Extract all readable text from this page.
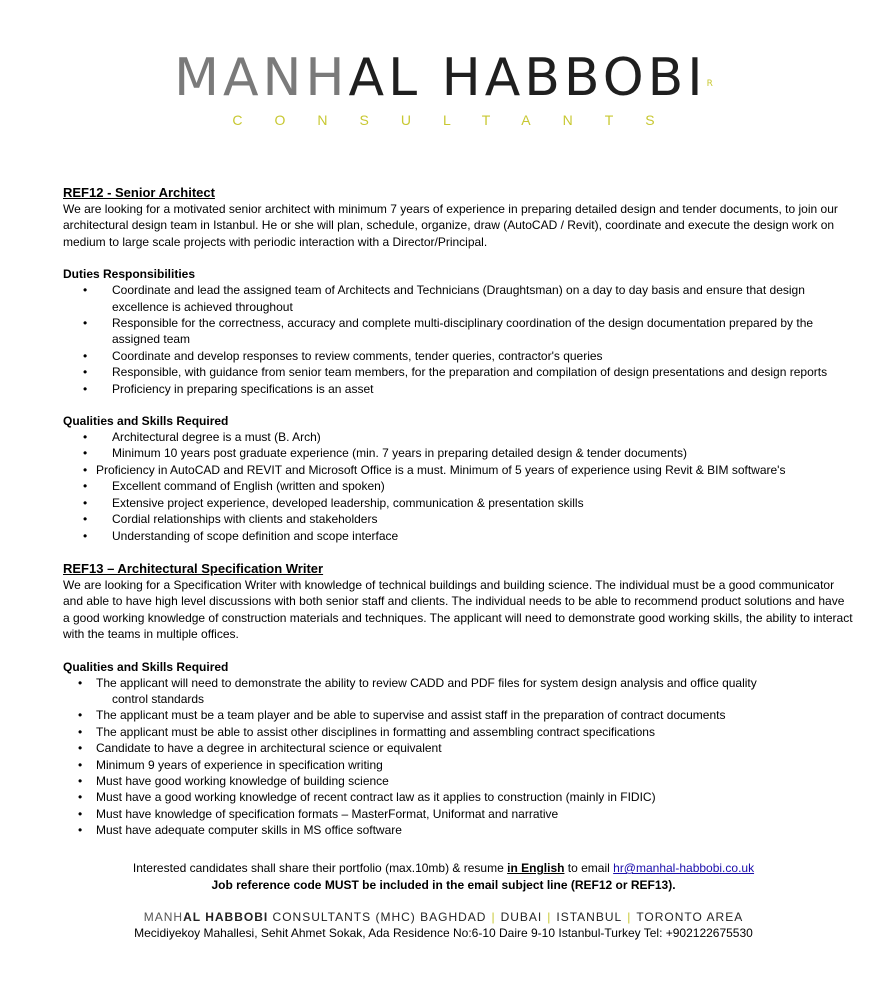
MANHAL $HABBOBI^R$
CONSULTANTS
REF12 - Senior Architect

We are looking for a motivated senior architect with minimum 7 years of experience in preparing detailed design and tender documents, to join our architectural design team in Istanbul. He or she will plan, schedule, organize, draw (AutoCAD / Revit), coordinate and execute the design work on medium to large scale projects with periodic interaction with a Director/Principal.

Duties Responsibilities
• Coordinate and lead the assigned team of Architects and Technicians (Draughtsman) on a day to day basis and ensure that design excellence is achieved throughout
• Responsible for the correctness, accuracy and complete multi-disciplinary coordination of the design documentation prepared by the assigned team
• Coordinate and develop responses to review comments, tender queries, contractor's queries
• Responsible, with guidance from senior team members, for the preparation and compilation of design presentations and design reports
• Proficiency in preparing specifications is an asset
Qualities and Skills Required
• Architectural degree is a must (B. Arch)
• Minimum 10 years post graduate experience (min. 7 years in preparing detailed design & tender documents)
• Proficiency in AutoCAD and REVIT and Microsoft Office is a must. Minimum of 5 years of experience using Revit & BIM software's
• Excellent command of English (written and spoken)
• Extensive project experience, developed leadership, communication & presentation skills
• Cordial relationships with clients and stakeholders
• Understanding of scope definition and scope interface
REF13 – Architectural Specification Writer

We are looking for a Specification Writer with knowledge of technical buildings and building science. The individual must be a good communicator and able to have high level discussions with both senior staff and clients. The individual needs to be able to recommend product solutions and have a good working knowledge of construction materials and techniques. The applicant will need to demonstrate good working skills, the ability to interact with the teams in multiple offices.

Qualities and Skills Required
• The applicant will need to demonstrate the ability to review CADD and PDF files for system design analysis and office quality
control standards
• The applicant must be a team player and be able to supervise and assist staff in the preparation of contract documents
• The applicant must be able to assist other disciplines in formatting and assembling contract specifications
• Candidate to have a degree in architectural science or equivalent
• Minimum 9 years of experience in specification writing
• Must have good working knowledge of building science
• Must have a good working knowledge of recent contract law as it applies to construction (mainly in FIDIC)
• Must have knowledge of specification formats – MasterFormat, Uniformat and narrative
• Must have adequate computer skills in MS office software
Interested candidates shall share their portfolio (max.10mb) & resume in English to email hr@manhal-habbobi.co.uk
Job reference code MUST be included in the email subject line (REF12 or REF13).
MANHAL HABBOBI CONSULTANTS (MHC) BAGHDAD | DUBAI | ISTANBUL | TORONTO AREA
Mecidiyekoy Mahallesi, Sehit Ahmet Sokak, Ada Residence No:6-10 Daire 9-10 Istanbul-Turkey Tel: +902122675530
